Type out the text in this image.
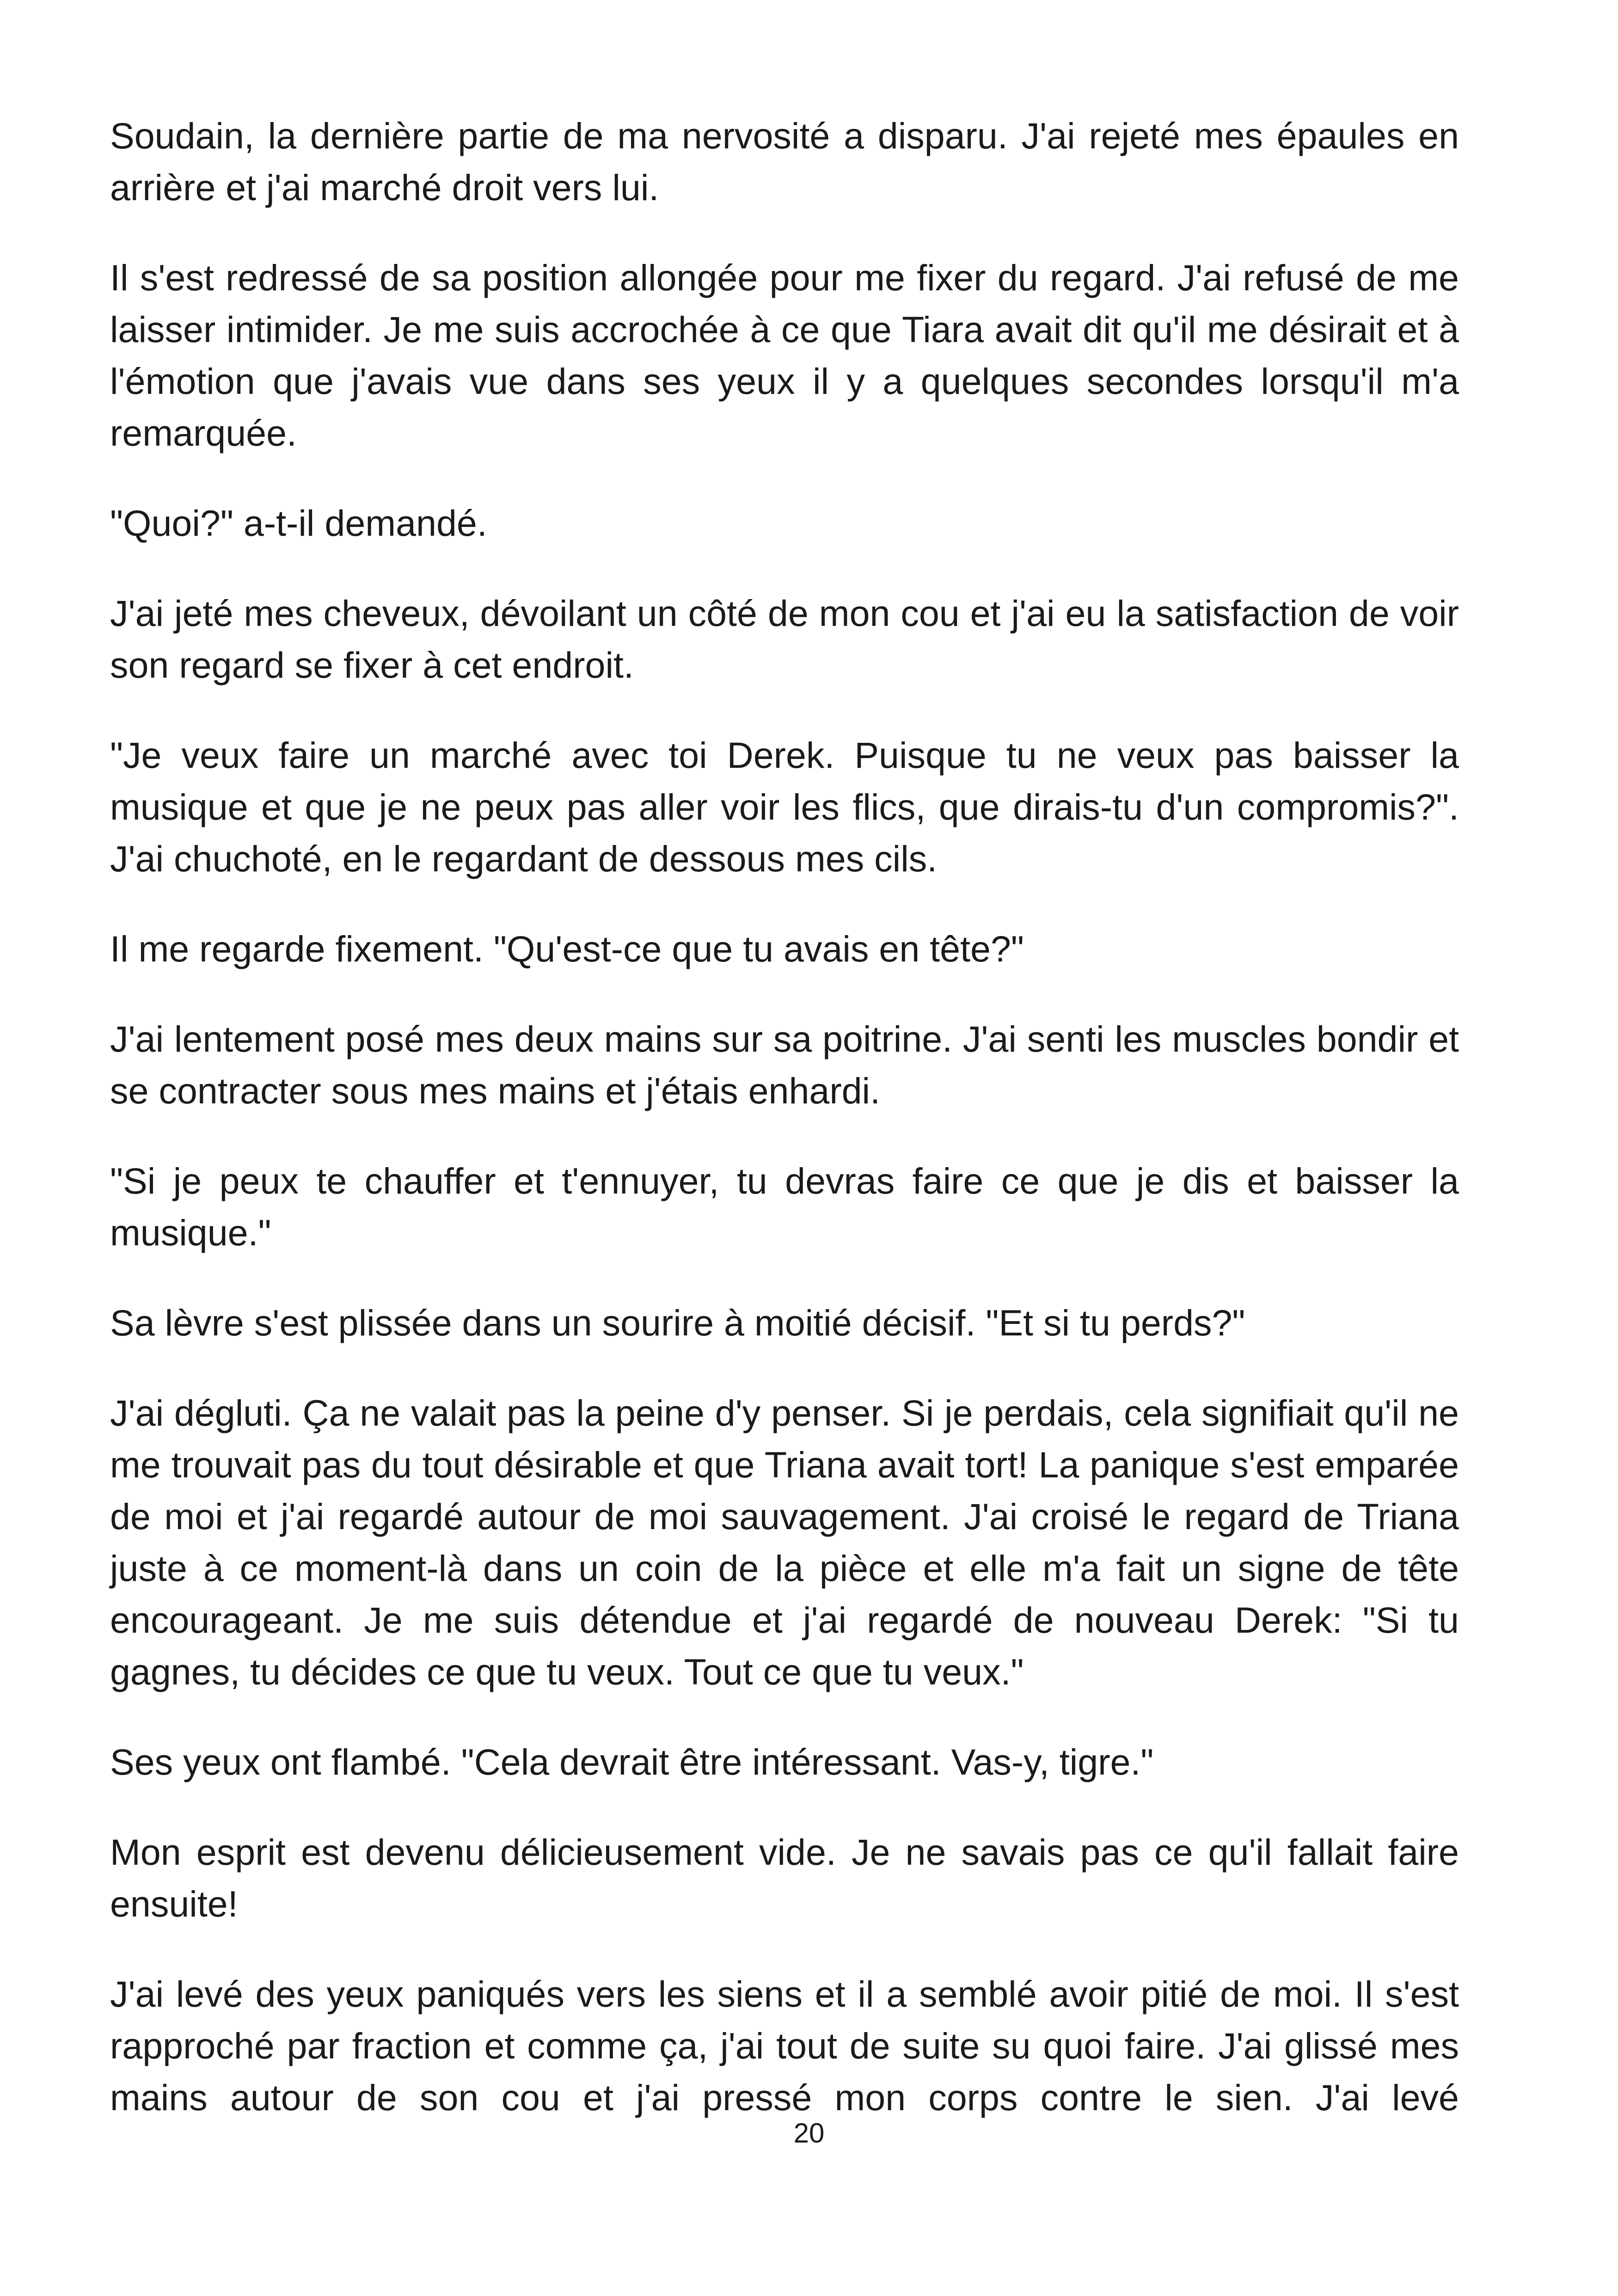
Soudain, la dernière partie de ma nervosité a disparu. J'ai rejeté mes épaules en arrière et j'ai marché droit vers lui.

Il s'est redressé de sa position allongée pour me fixer du regard. J'ai refusé de me laisser intimider. Je me suis accrochée à ce que Tiara avait dit qu'il me désirait et à l'émotion que j'avais vue dans ses yeux il y a quelques secondes lorsqu'il m'a remarquée.

"Quoi?" a-t-il demandé.

J'ai jeté mes cheveux, dévoilant un côté de mon cou et j'ai eu la satisfaction de voir son regard se fixer à cet endroit.

"Je veux faire un marché avec toi Derek. Puisque tu ne veux pas baisser la musique et que je ne peux pas aller voir les flics, que dirais-tu d'un compromis?". J'ai chuchoté, en le regardant de dessous mes cils.

Il me regarde fixement. "Qu'est-ce que tu avais en tête?"

J'ai lentement posé mes deux mains sur sa poitrine. J'ai senti les muscles bondir et se contracter sous mes mains et j'étais enhardi.

"Si je peux te chauffer et t'ennuyer, tu devras faire ce que je dis et baisser la musique."

Sa lèvre s'est plissée dans un sourire à moitié décisif. "Et si tu perds?"

J'ai dégluti. Ça ne valait pas la peine d'y penser. Si je perdais, cela signifiait qu'il ne me trouvait pas du tout désirable et que Triana avait tort! La panique s'est emparée de moi et j'ai regardé autour de moi sauvagement. J'ai croisé le regard de Triana juste à ce moment-là dans un coin de la pièce et elle m'a fait un signe de tête encourageant. Je me suis détendue et j'ai regardé de nouveau Derek: "Si tu gagnes, tu décides ce que tu veux. Tout ce que tu veux."

Ses yeux ont flambé. "Cela devrait être intéressant. Vas-y, tigre."

Mon esprit est devenu délicieusement vide. Je ne savais pas ce qu'il fallait faire ensuite!

J'ai levé des yeux paniqués vers les siens et il a semblé avoir pitié de moi. Il s'est rapproché par fraction et comme ça, j'ai tout de suite su quoi faire. J'ai glissé mes mains autour de son cou et j'ai pressé mon corps contre le sien. J'ai levé

20
